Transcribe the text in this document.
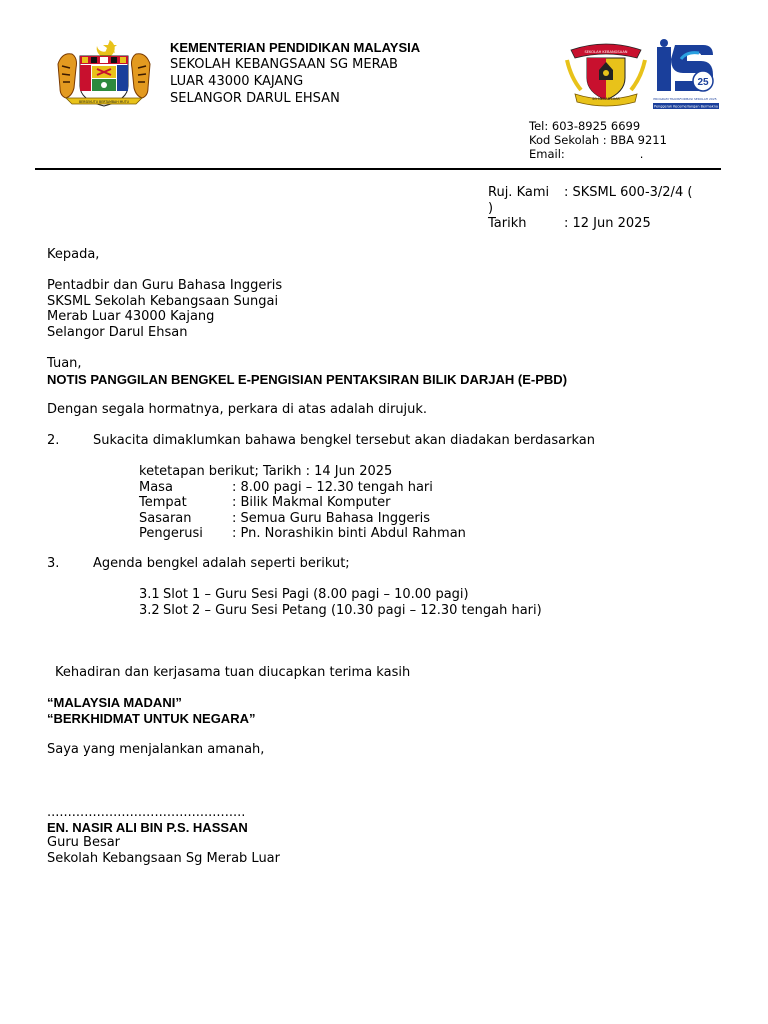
BERSEKUTU BERTAMBAH MUTU
KEMENTERIAN PENDIDIKAN MALAYSIA
SEKOLAH KEBANGSAAN SG MERAB
LUAR 43000 KAJANG
SELANGOR DARUL EHSAN
SEKOLAH KEBANGSAAN
SG MERAB LUAR
25
PROGRAM TRANSFORMASI SEKOLAH 2025
Penggerak Kecemerlangan Bermakna
Tel: 603-8925 6699
Kod Sekolah : BBA 9211
Email:	.
Ruj. Kami : SKSML 600-3/2/4 (
)
Tarikh	: 12 Jun 2025
Kepada,
Pentadbir dan Guru Bahasa Inggeris
SKSML Sekolah Kebangsaan Sungai
Merab Luar 43000 Kajang
Selangor Darul Ehsan
Tuan,
NOTIS PANGGILAN BENGKEL E-PENGISIAN PENTAKSIRAN BILIK DARJAH (E-PBD)
Dengan segala hormatnya, perkara di atas adalah dirujuk.
2.	Sukacita dimaklumkan bahawa bengkel tersebut akan diadakan berdasarkan
ketetapan berikut; Tarikh : 14 Jun 2025
Masa	: 8.00 pagi – 12.30 tengah hari
Tempat	: Bilik Makmal Komputer
Sasaran	: Semua Guru Bahasa Inggeris
Pengerusi : Pn. Norashikin binti Abdul Rahman
3.	Agenda bengkel adalah seperti berikut;
3.1 Slot 1 – Guru Sesi Pagi (8.00 pagi – 10.00 pagi)
3.2 Slot 2 – Guru Sesi Petang (10.30 pagi – 12.30 tengah hari)
Kehadiran dan kerjasama tuan diucapkan terima kasih
“MALAYSIA MADANI”
“BERKHIDMAT UNTUK NEGARA”
Saya yang menjalankan amanah,
................................................
EN. NASIR ALI BIN P.S. HASSAN
Guru Besar
Sekolah Kebangsaan Sg Merab Luar
